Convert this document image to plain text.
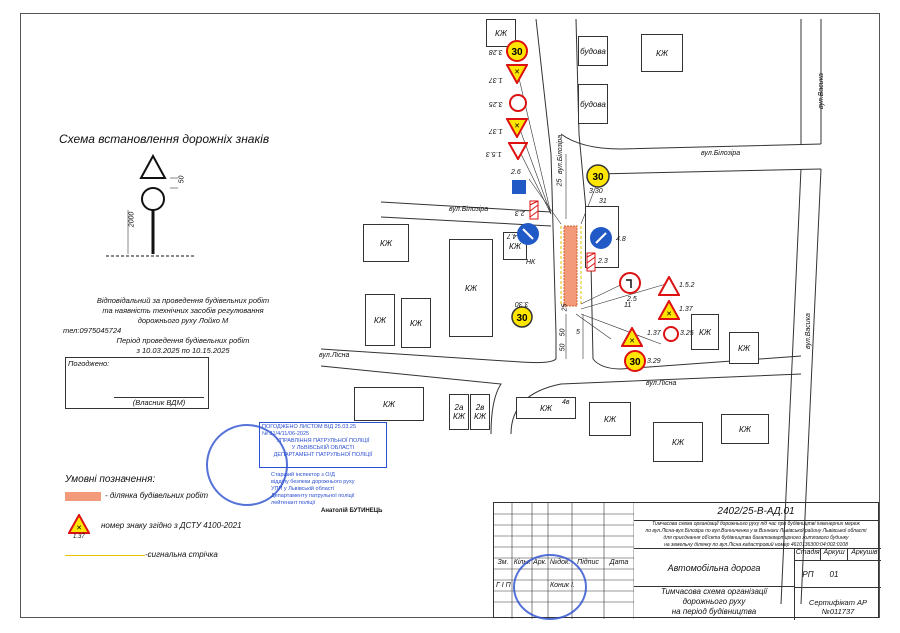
вул.Білозіра
вул.Білозіра
вул.Білозіра
вул.Васика
вул.Васика
вул.Лісна
вул.Лісна
КЖ
будова	КЖ
будова
КЖ
КЖ
КЖ
КЖ	КЖ
КЖ
КЖ
КЖ	2а
КЖ
2в
КЖ
КЖ
КЖ
КЖ
КЖ
4в
31
11
25
25
50
50
5
НК
30
✕
✕
30
30	✕
✕
30
3.28
1.37
3.25
1.37
1.5.3
2.6
2.3
4.7
3.30
4.8
2.3
3.30
2.5
1.5.2
1.37
1.37	3.25
3.29
Схема встановлення дорожніх знаків
2000
50
Відповідальний за проведення будівельних робіт
та наявність технічних засобів регулювання
дорожнього руху Лойко М
тел:0975045724
Період проведення будівельних робіт
з 10.03.2025 по 10.15.2025
Погоджено:
(Власник ВДМ)
Умовні позначення:
- ділянка будівельних робіт
✕
1.37
номер знаку згідно з ДСТУ 4100-2021
-сигнальна стрічка
ПОГОДЖЕНО ЛИСТОМ ВІД 25.03.25
№ 31/4/11/06-2025
УПРАВЛІННЯ ПАТРУЛЬНОЇ ПОЛІЦІЇ
У ЛЬВІВСЬКІЙ ОБЛАСТІ
ДЕПАРТАМЕНТ ПАТРУЛЬНОЇ ПОЛІЦІЇ
Старший інспектор з О/Д
відділу безпеки дорожнього руху
УПП у Львівській області
Департаменту патрульної поліції
лейтенант поліції
Анатолій БУТИНЕЦЬ	2402/25-В-АД.01
Тимчасова схема організації дорожнього руху під час при будівництві інженерних мереж
по вул.Лісна-вул.Білозіра по вул.Винниченка у м.Винники Львівської району Львівської області
для приєднання об'єкта будівництва багатоквартирного житлового будинку
на земельну ділянку по вул.Лісна кадастровий номер 4610136300:04:002:0108
Зм. Кільк Арк. №док. Підпис	Дата
Г І П	Коник І.
Автомобільна дорога
Тимчасова схема організації
дорожнього руху
на період будівництва
Стадія Аркуш Аркушів
РП	01
Сертифікат АР №011737
